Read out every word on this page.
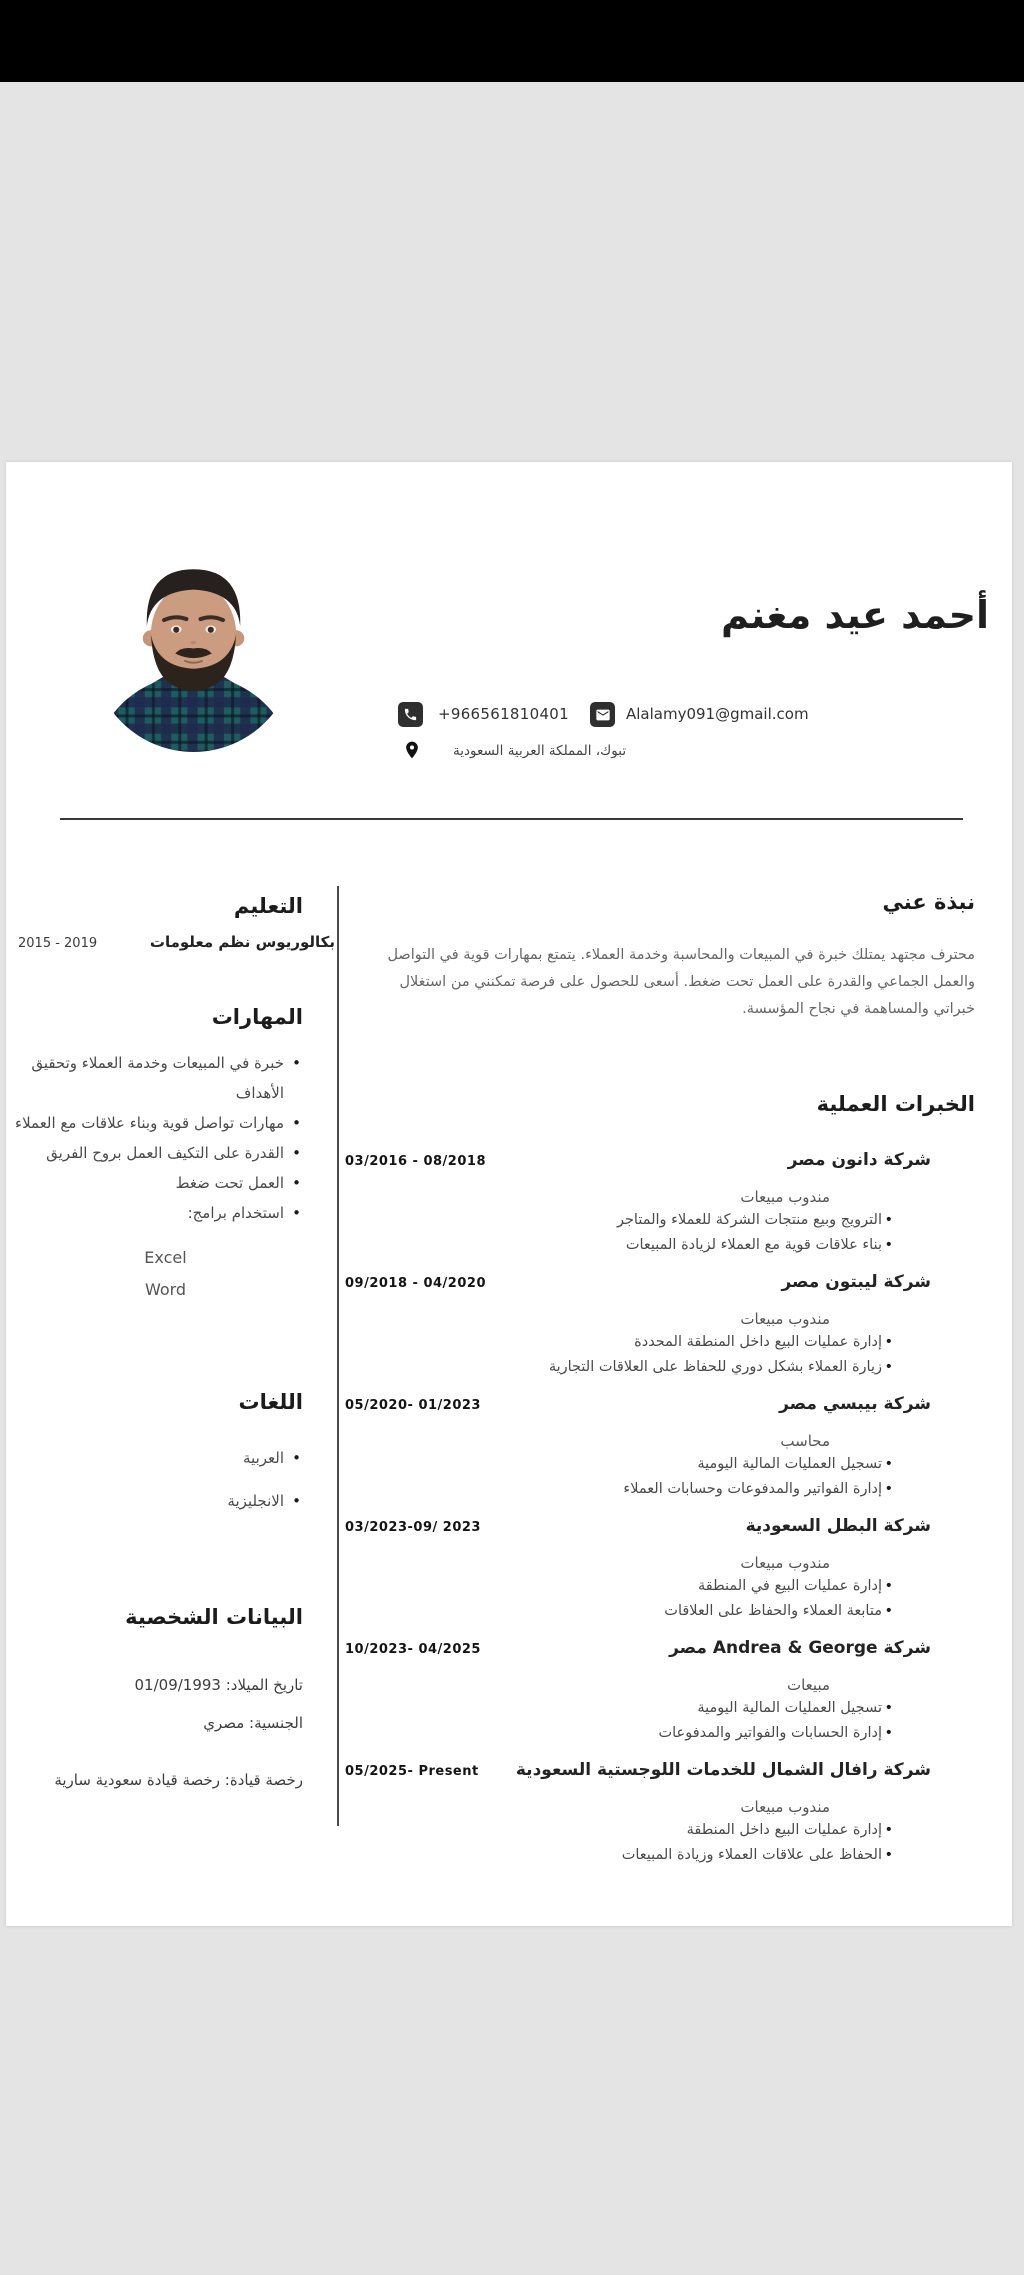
أحمد عيد مغنم
+966561810401	Alalamy091@gmail.com
تبوك، المملكة العربية السعودية
التعليم
بكالوريوس نظم معلومات
2015 - 2019
المهارات
• خبرة في المبيعات وخدمة العملاء وتحقيق الأهداف
• مهارات تواصل قوية وبناء علاقات مع العملاء
• القدرة على التكيف العمل بروح الفريق
• العمل تحت ضغط
• استخدام برامج:
Excel
Word
اللغات
• العربية
• الانجليزية
البيانات الشخصية
تاريخ الميلاد: 01/09/1993
الجنسية: مصري
رخصة قيادة: رخصة قيادة سعودية سارية
نبذة عني
محترف مجتهد يمتلك خبرة في المبيعات والمحاسبة وخدمة العملاء. يتمتع بمهارات قوية في التواصل والعمل الجماعي والقدرة على العمل تحت ضغط. أسعى للحصول على فرصة تمكنني من استغلال خبراتي والمساهمة في نجاح المؤسسة.
الخبرات العملية
شركة دانون مصر
03/2016 - 08/2018
مندوب مبيعات
• الترويج وبيع منتجات الشركة للعملاء والمتاجر
• بناء علاقات قوية مع العملاء لزيادة المبيعات
شركة ليبتون مصر
09/2018 - 04/2020
مندوب مبيعات
• إدارة عمليات البيع داخل المنطقة المحددة
• زيارة العملاء بشكل دوري للحفاظ على العلاقات التجارية
شركة بيبسي مصر
05/2020- 01/2023
محاسب
• تسجيل العمليات المالية اليومية
• إدارة الفواتير والمدفوعات وحسابات العملاء
شركة البطل السعودية
03/2023-09/ 2023
مندوب مبيعات
• إدارة عمليات البيع في المنطقة
• متابعة العملاء والحفاظ على العلاقات
شركة Andrea & George مصر
10/2023- 04/2025
مبيعات
• تسجيل العمليات المالية اليومية
• إدارة الحسابات والفواتير والمدفوعات
شركة رافال الشمال للخدمات اللوجستية السعودية
05/2025- Present
مندوب مبيعات
• إدارة عمليات البيع داخل المنطقة
• الحفاظ على علاقات العملاء وزيادة المبيعات
